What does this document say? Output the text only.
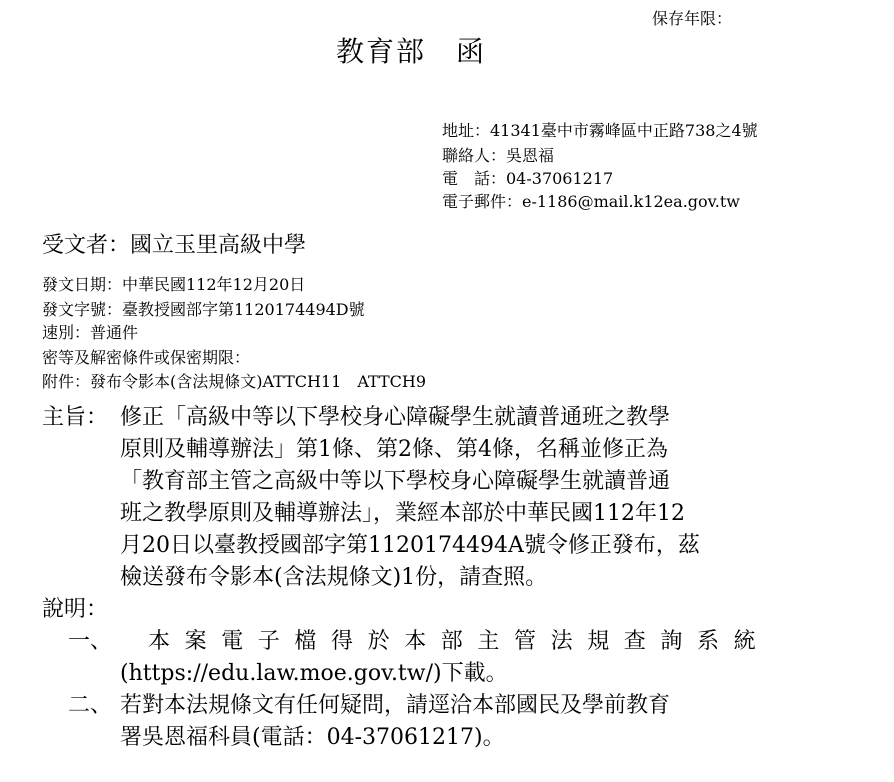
保存年限：
教育部　函
地址：41341臺中市霧峰區中正路738之4號
聯絡人：吳恩福
電　話：04-37061217
電子郵件：e-1186@mail.k12ea.gov.tw
受文者：國立玉里高級中學
發文日期：中華民國112年12月20日
發文字號：臺教授國部字第1120174494D號
速別：普通件
密等及解密條件或保密期限：
附件：發布令影本(含法規條文)ATTCH11　ATTCH9
主旨： 修正「高級中等以下學校身心障礙學生就讀普通班之教學
原則及輔導辦法」第1條、第2條、第4條，名稱並修正為
「教育部主管之高級中等以下學校身心障礙學生就讀普通
班之教學原則及輔導辦法」，業經本部於中華民國112年12
月20日以臺教授國部字第1120174494A號令修正發布，茲
檢送發布令影本(含法規條文)1份，請查照。
說明：
一、 本案電子檔得於本部主管法規查詢系統
(https://edu.law.moe.gov.tw/)下載。
二、 若對本法規條文有任何疑問，請逕洽本部國民及學前教育
署吳恩福科員(電話：04-37061217)。
